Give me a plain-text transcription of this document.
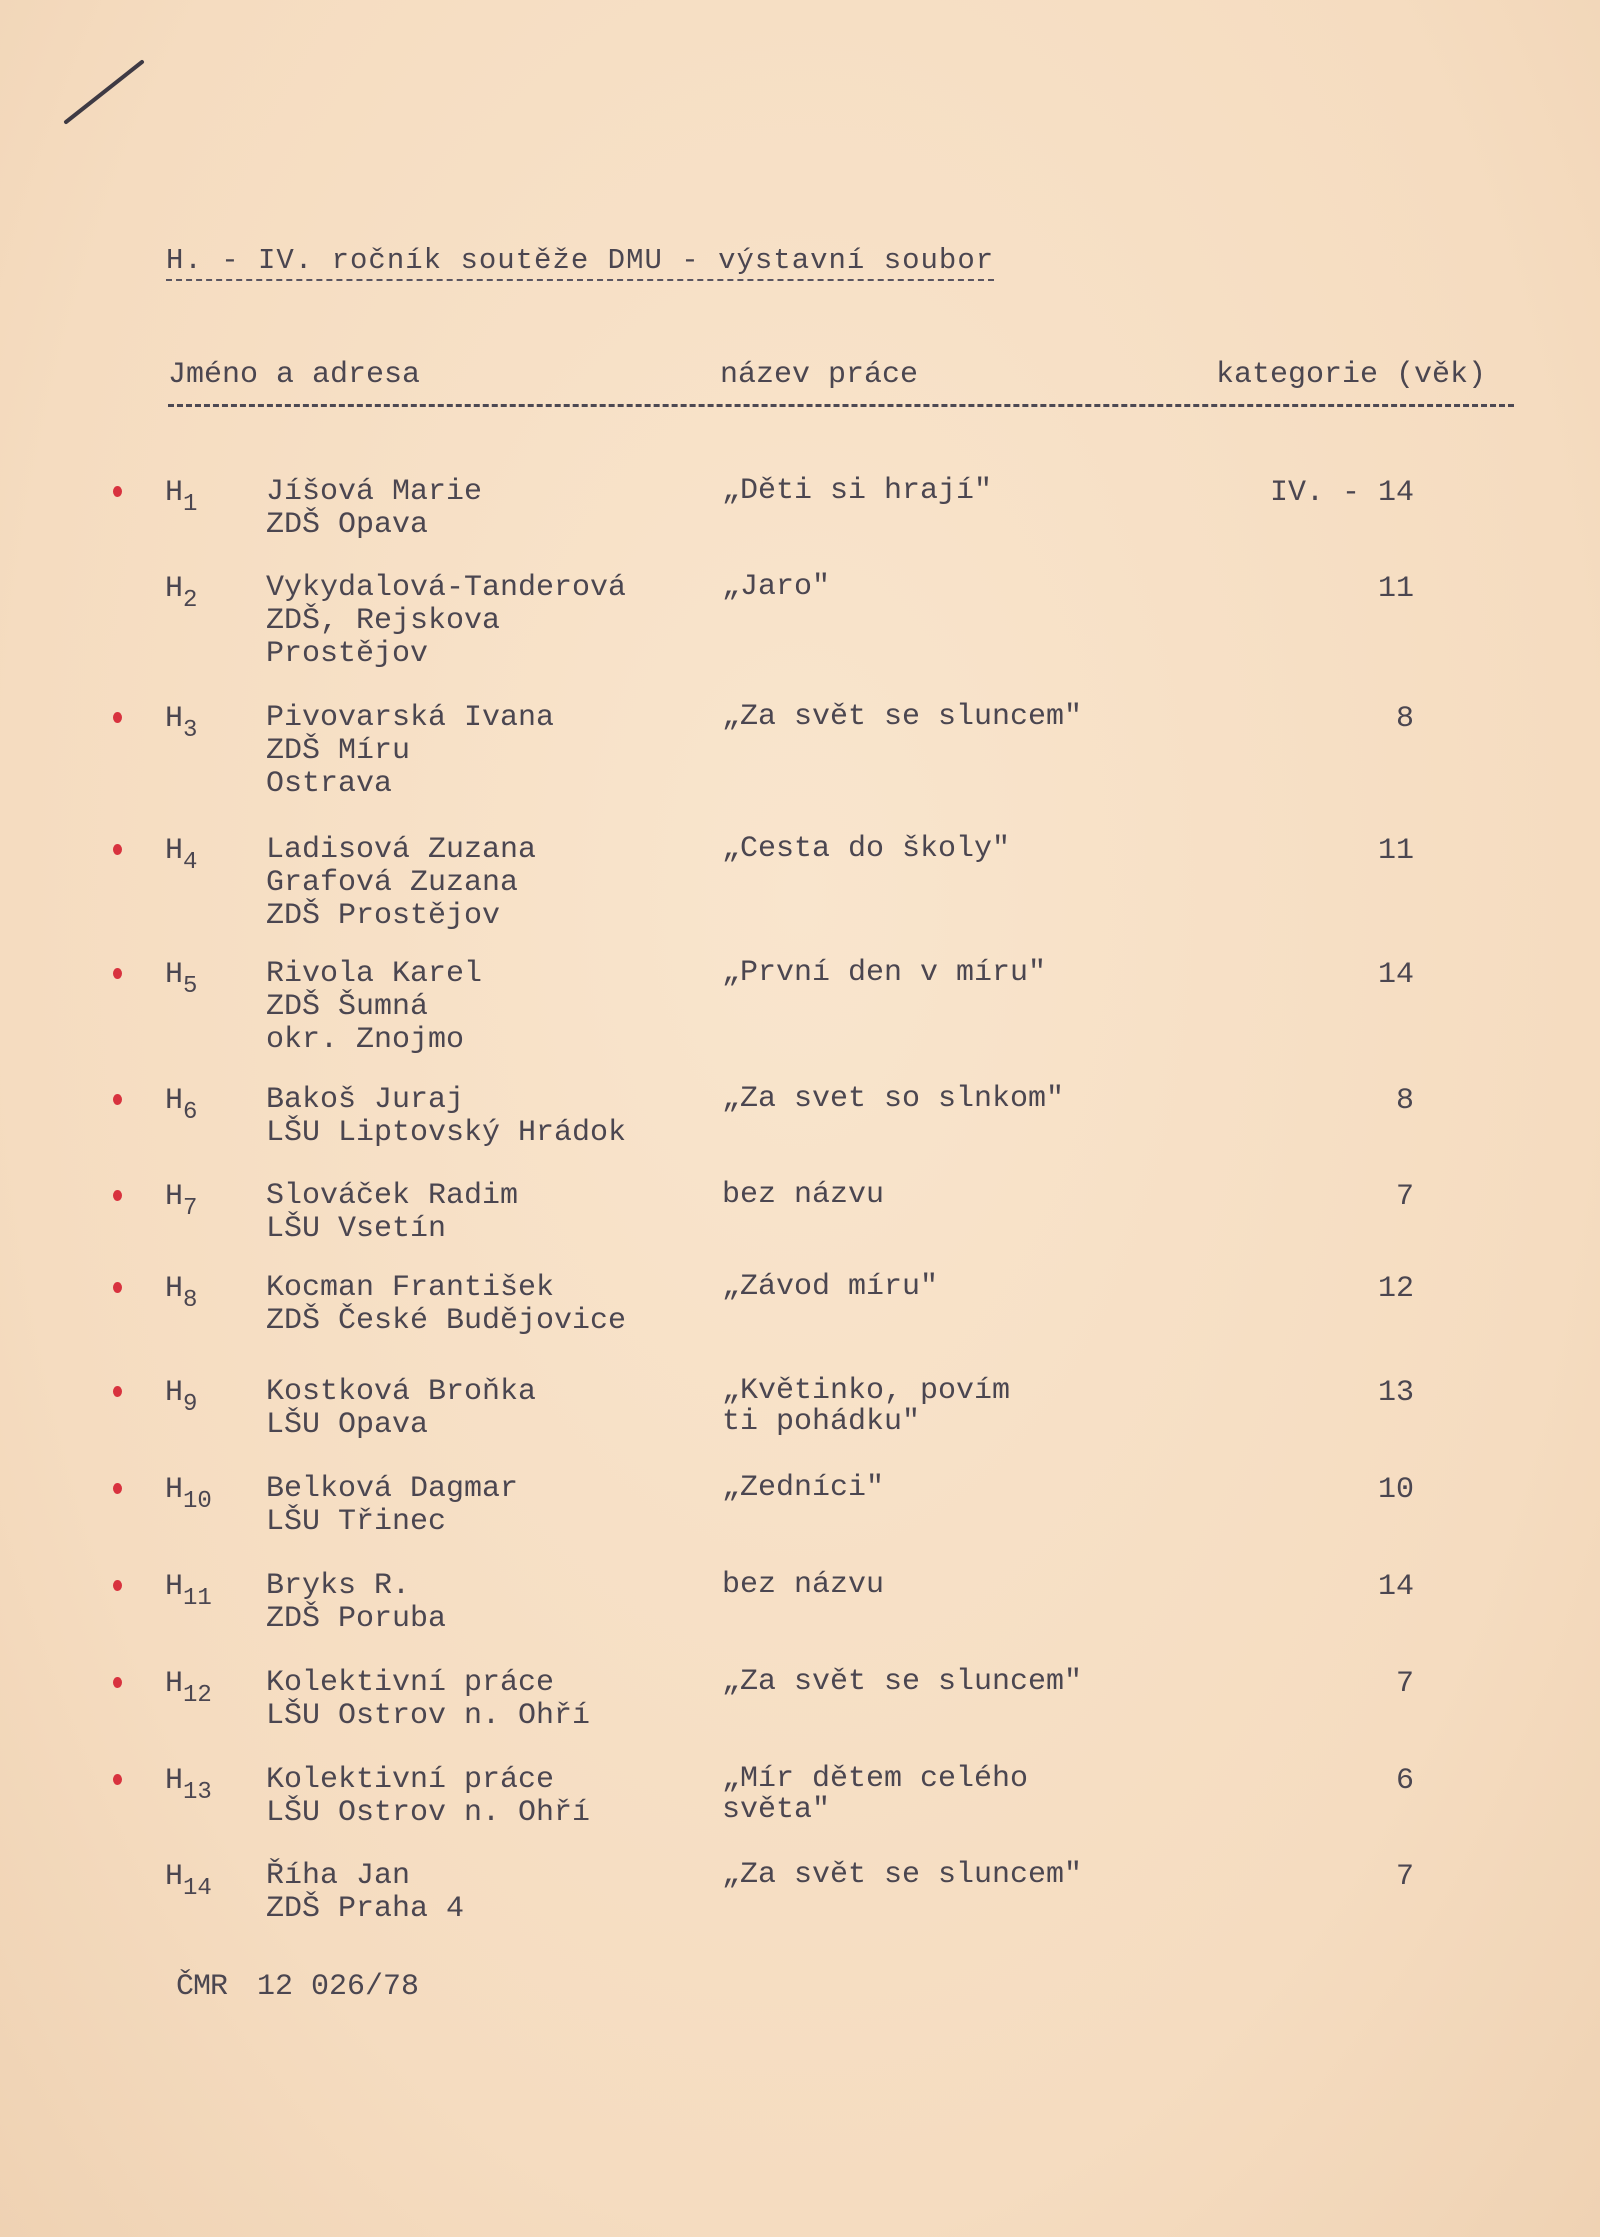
H. - IV. ročník soutěže DMU - výstavní soubor
Jméno a adresa	název práce	kategorie (věk)
$H_1$ Jíšová Marie
ZDŠ Opava
„Děti si hrají"	IV. - 14
$H_2$ Vykydalová-Tanderová
ZDŠ, Rejskova
Prostějov
„Jaro"	11
$H_3$ Pivovarská Ivana
ZDŠ Míru
Ostrava
„Za svět se sluncem"	8
$H_4$ Ladisová Zuzana
Grafová Zuzana
ZDŠ Prostějov
„Cesta do školy"	11
$H_5$ Rivola Karel
ZDŠ Šumná
okr. Znojmo
„První den v míru"	14
$H_6$ Bakoš Juraj
LŠU Liptovský Hrádok
„Za svet so slnkom"	8
$H_7$ Slováček Radim
LŠU Vsetín
bez názvu	7
$H_8$ Kocman František
ZDŠ České Budějovice
„Závod míru"	12
$H_9$ Kostková Broňka
LŠU Opava
„Květinko, povím
ti pohádku"
13
$H_{10}$ Belková Dagmar
LŠU Třinec
„Zedníci"	10
$H_{11}$ Bryks R.
ZDŠ Poruba
bez názvu	14
$H_{12}$ Kolektivní práce
LŠU Ostrov n. Ohří
„Za svět se sluncem"	7
$H_{13}$ Kolektivní práce
LŠU Ostrov n. Ohří
„Mír dětem celého
světa"
6
$H_{14}$ Říha Jan
ZDŠ Praha 4
„Za svět se sluncem"	7
ČMR 12 026/78
